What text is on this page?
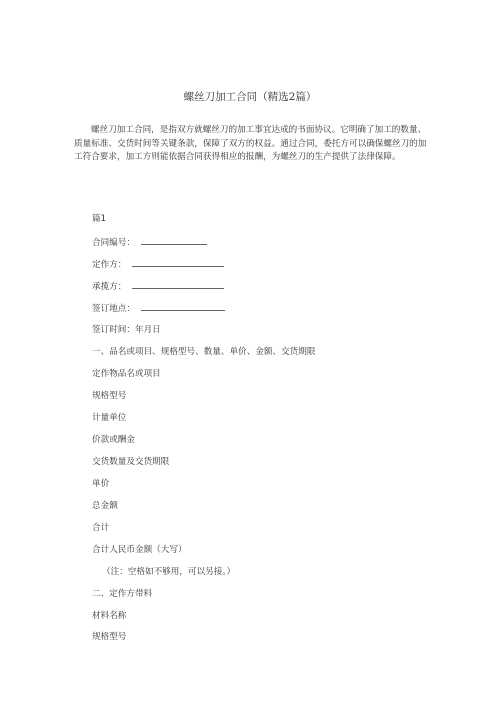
螺丝刀加工合同（精选2篇）

螺丝刀加工合同，是指双方就螺丝刀的加工事宜达成的书面协议。它明确了加工的数量、质量标准、交货时间等关键条款，保障了双方的权益。通过合同，委托方可以确保螺丝刀的加工符合要求，加工方则能依据合同获得相应的报酬，为螺丝刀的生产提供了法律保障。

篇1
合同编号：
定作方：
承揽方：
签订地点：
签订时间：年月日
一、品名或项目、规格型号、数量、单价、金额、交货期限
定作物品名或项目
规格型号
计量单位
价款或酬金
交货数量及交货期限
单价
总金额
合计
合计人民币金额（大写）
（注：空格如不够用，可以另接。）
二、定作方带料
材料名称
规格型号
